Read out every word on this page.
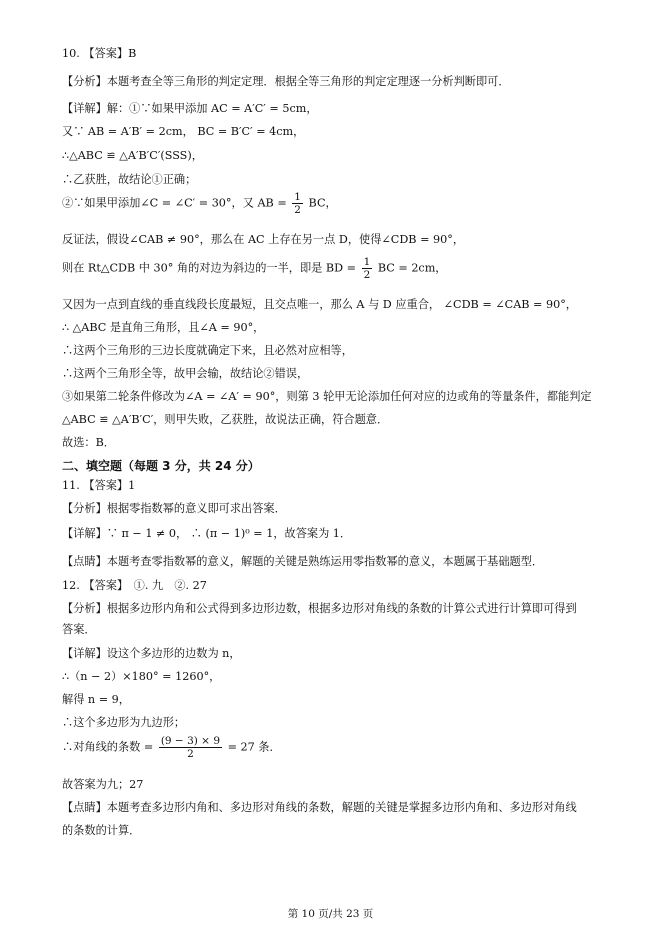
10. 【答案】B
【分析】本题考查全等三角形的判定定理．根据全等三角形的判定定理逐一分析判断即可．
【详解】解：①∵如果甲添加 AC = A′C′ = 5cm，
又∵ AB = A′B′ = 2cm， BC = B′C′ = 4cm，
∴△ABC ≌ △A′B′C′(SSS)，
∴乙获胜，故结论①正确；
②∵如果甲添加∠C = ∠C′ = 30°，又 AB = $\frac{1}{2}$ BC，
反证法，假设∠CAB ≠ 90°，那么在 AC 上存在另一点 D，使得∠CDB = 90°，
则在 Rt△CDB 中 30° 角的对边为斜边的一半，即是 BD = $\frac{1}{2}$ BC = 2cm，
又因为一点到直线的垂直线段长度最短，且交点唯一，那么 A 与 D 应重合， ∠CDB = ∠CAB = 90°，
∴ △ABC 是直角三角形，且∠A = 90°，
∴这两个三角形的三边长度就确定下来，且必然对应相等，
∴这两个三角形全等，故甲会输，故结论②错误，
③如果第二轮条件修改为∠A = ∠A′ = 90°，则第 3 轮甲无论添加任何对应的边或角的等量条件，都能判定
△ABC ≌ △A′B′C′，则甲失败，乙获胜，故说法正确，符合题意．
故选：B．
二、填空题（每题 3 分，共 24 分）
11. 【答案】1
【分析】根据零指数幂的意义即可求出答案．
【详解】∵ π − 1 ≠ 0， ∴ (π − 1)⁰ = 1，故答案为 1．
【点睛】本题考查零指数幂的意义，解题的关键是熟练运用零指数幂的意义，本题属于基础题型．
12. 【答案】　①. 九　②. 27
【分析】根据多边形内角和公式得到多边形边数，根据多边形对角线的条数的计算公式进行计算即可得到
答案．
【详解】设这个多边形的边数为 n，
∴（n − 2）×180° = 1260°，
解得 n = 9，
∴这个多边形为九边形；
∴对角线的条数 = $\frac{(9 - 3) \times 9}{2} = 27$ 条．
故答案为九；27
【点睛】本题考查多边形内角和、多边形对角线的条数，解题的关键是掌握多边形内角和、多边形对角线
的条数的计算．
第 10 页/共 23 页
